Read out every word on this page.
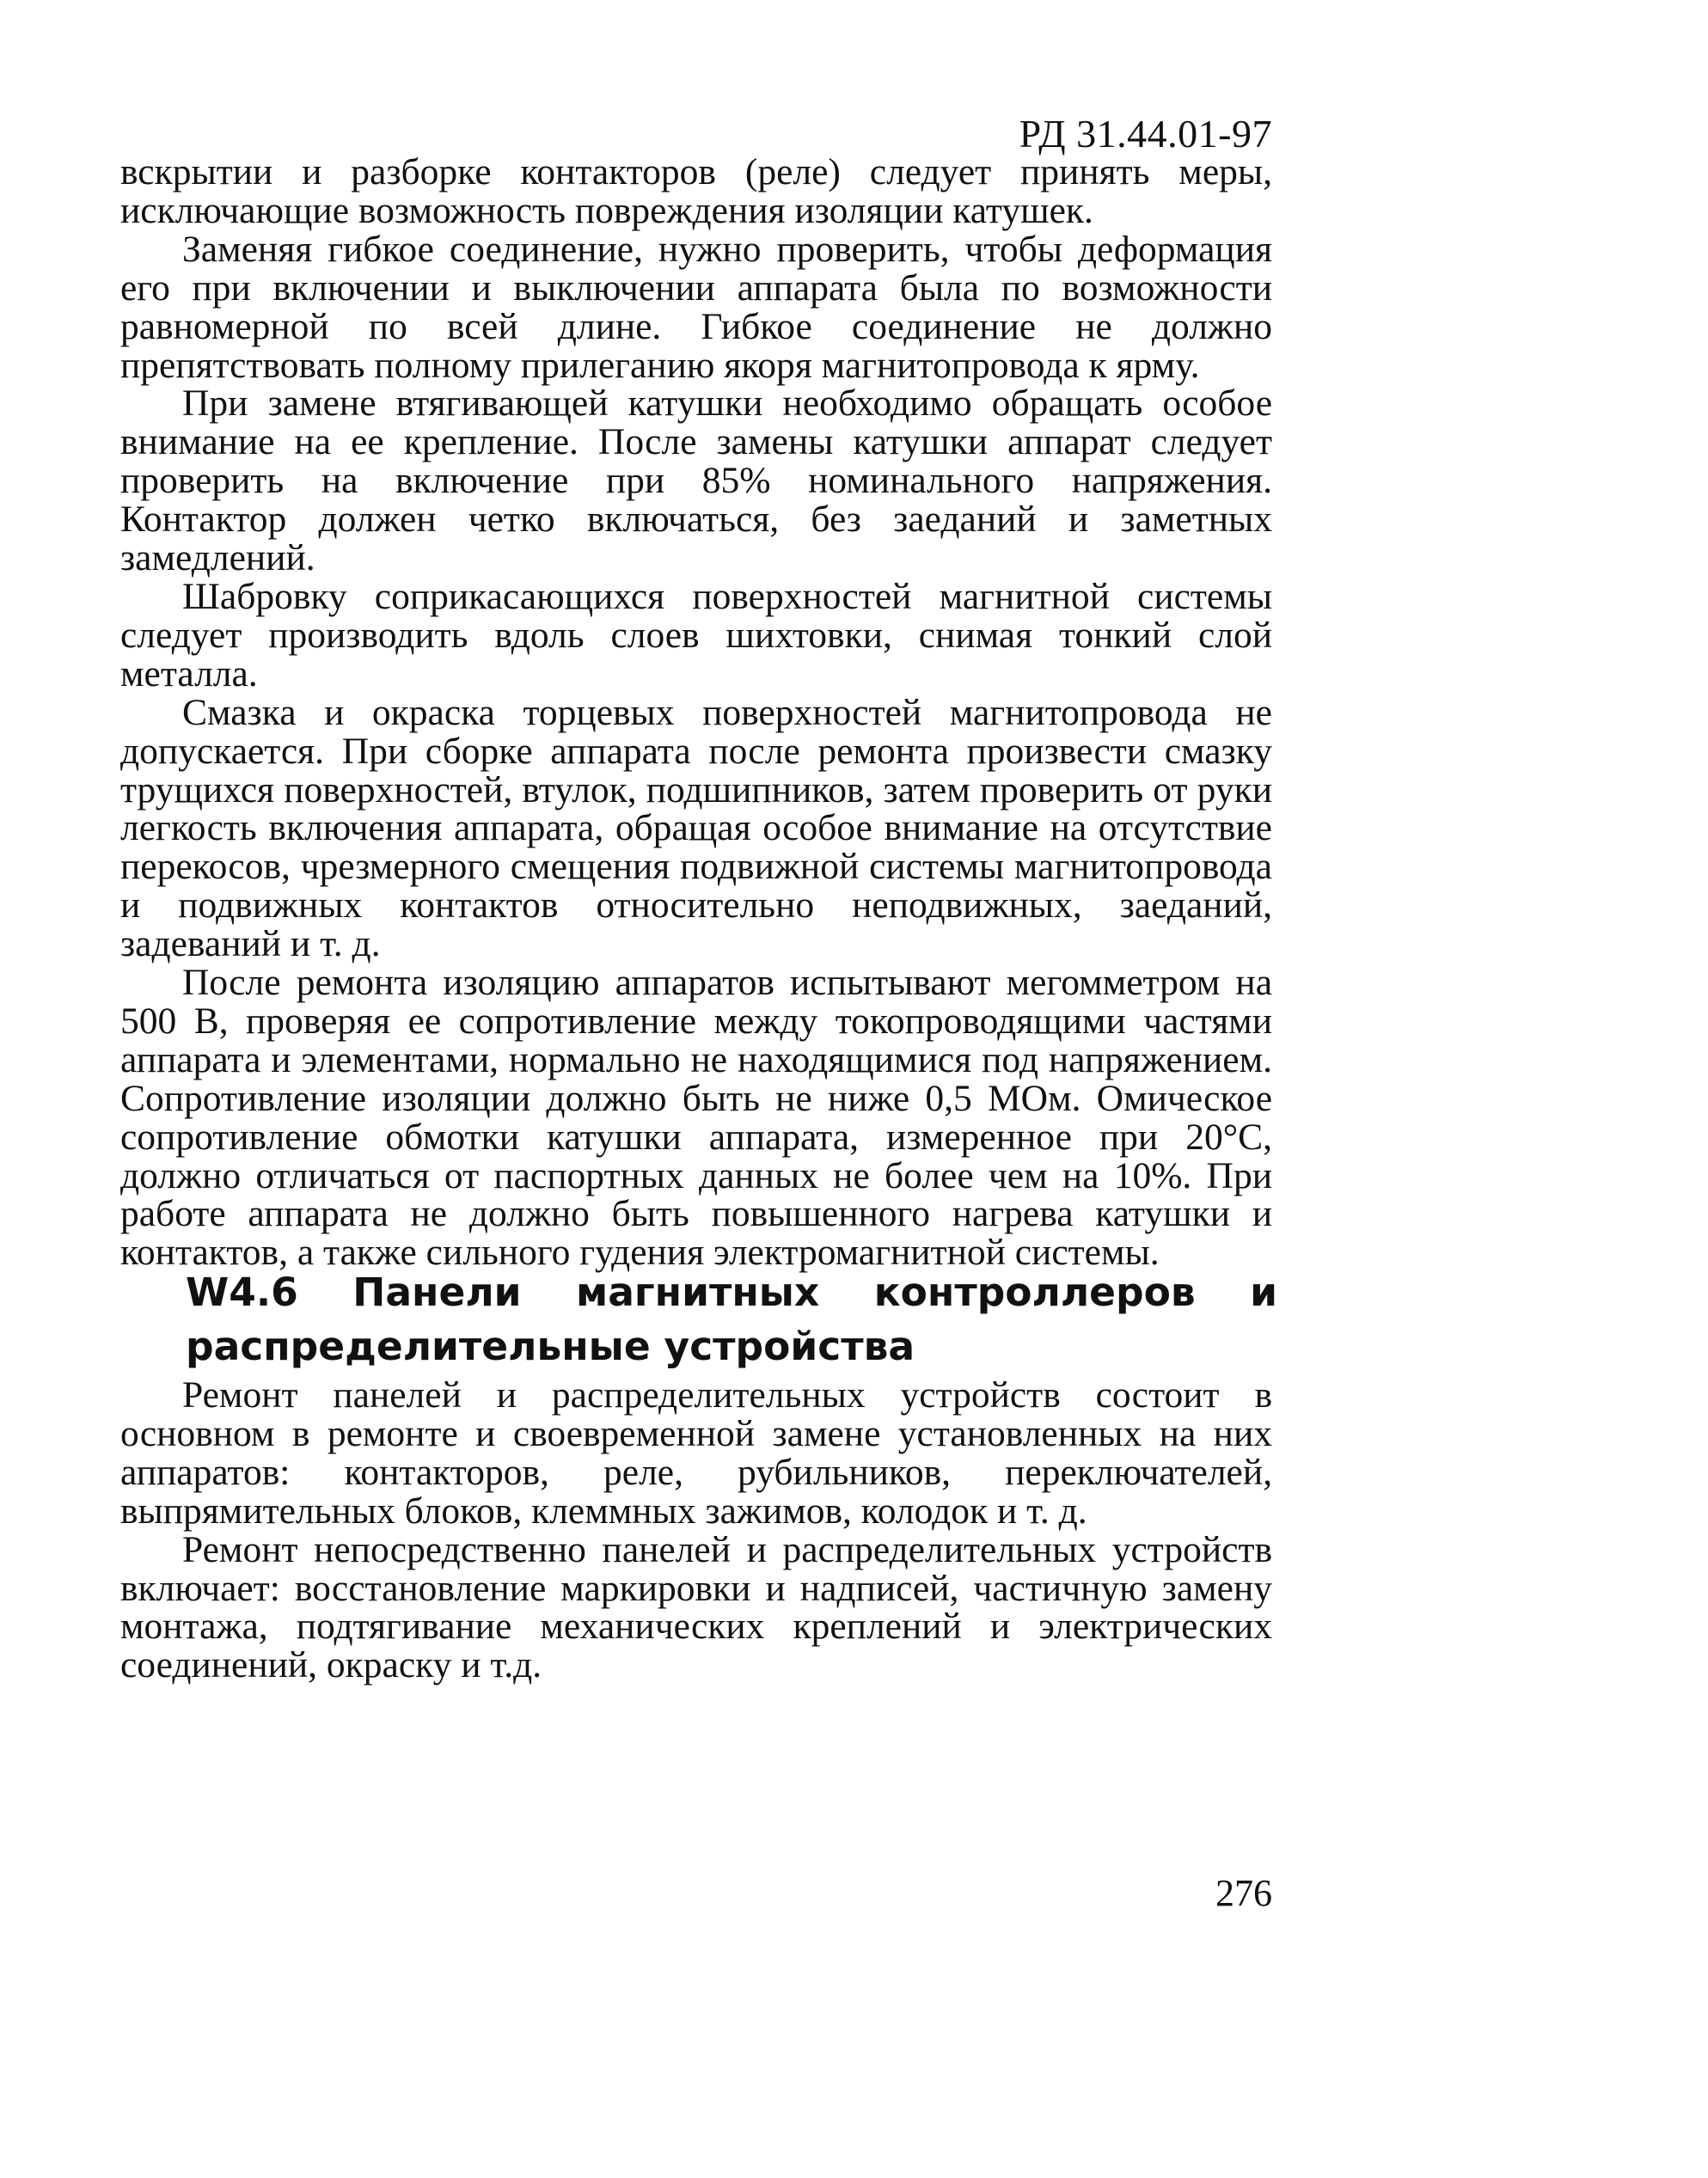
РД 31.44.01-97

вскрытии и разборке контакторов (реле) следует принять меры, исключающие возможность повреждения изоляции катушек.

Заменяя гибкое соединение, нужно проверить, чтобы деформация его при включении и выключении аппарата была по возможности равномерной по всей длине. Гибкое соединение не должно препятствовать полному прилеганию якоря магнитопровода к ярму.

При замене втягивающей катушки необходимо обращать особое внимание на ее крепление. После замены катушки аппарат следует проверить на включение при 85% номинального напряжения. Контактор должен четко включаться, без заеданий и заметных замедлений.

Шабровку соприкасающихся поверхностей магнитной системы следует производить вдоль слоев шихтовки, снимая тонкий слой металла.

Смазка и окраска торцевых поверхностей магнитопровода не допускается. При сборке аппарата после ремонта произвести смазку трущихся поверхностей, втулок, подшипников, затем проверить от руки легкость включения аппарата, обращая особое внимание на отсутствие перекосов, чрезмерного смещения подвижной системы магнитопровода и подвижных контактов относительно неподвижных, заеданий, задеваний и т. д.

После ремонта изоляцию аппаратов испытывают мегомметром на 500 В, проверяя ее сопротивление между токопроводящими частями аппарата и элементами, нормально не находящимися под напряжением. Сопротивление изоляции должно быть не ниже 0,5 МОм. Омическое сопротивление обмотки катушки аппарата, измеренное при 20°С, должно отличаться от паспортных данных не более чем на 10%. При работе аппарата не должно быть повышенного нагрева катушки и контактов, а также сильного гудения электромагнитной системы.

W4.6 Панели магнитных контроллеров и распределительные устройства

Ремонт панелей и распределительных устройств состоит в основном в ремонте и своевременной замене установленных на них аппаратов: контакторов, реле, рубильников, переключателей, выпрямительных блоков, клеммных зажимов, колодок и т. д.

Ремонт непосредственно панелей и распределительных устройств включает: восстановление маркировки и надписей, частичную замену монтажа, подтягивание механических креплений и электрических соединений, окраску и т.д.

276
